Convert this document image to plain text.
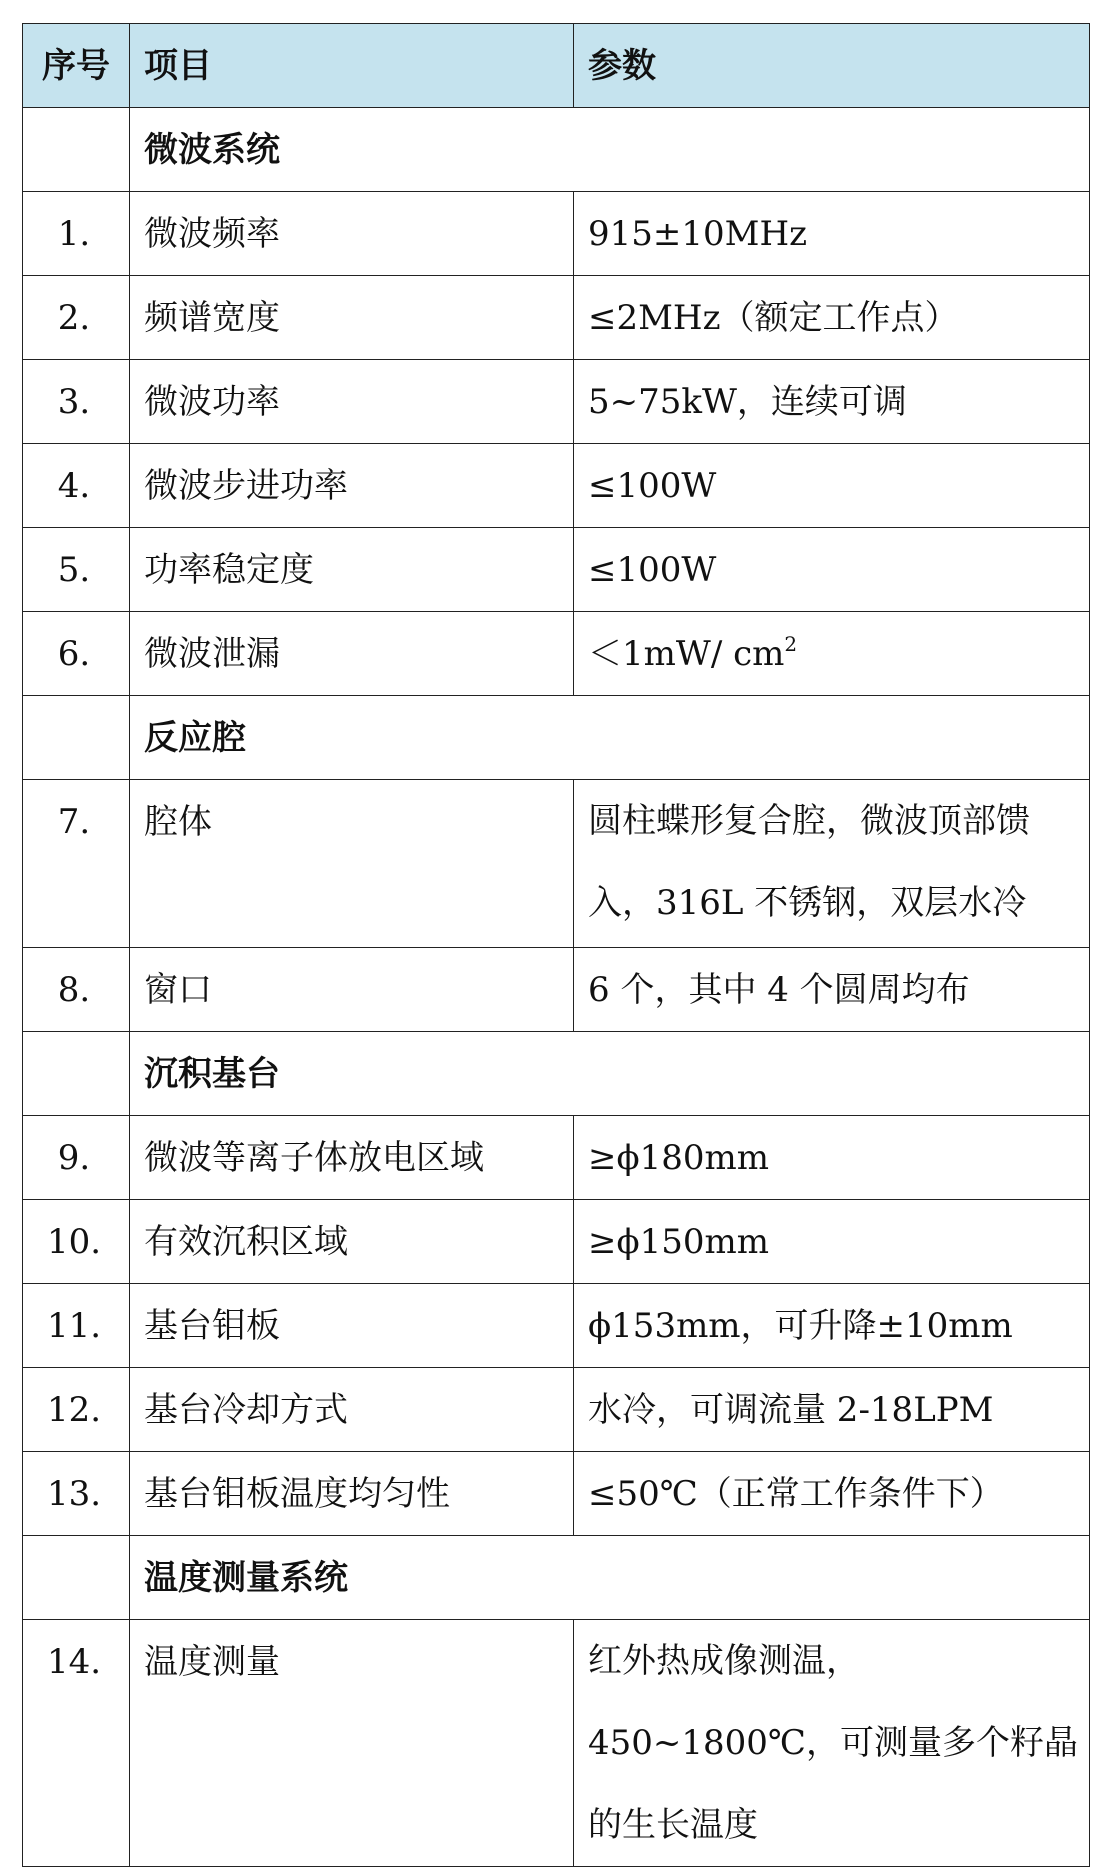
序号	项目	参数
	微波系统	
1.	微波频率	915±10MHz
2.	频谱宽度	≤2MHz（额定工作点）
3.	微波功率	5~75kW，连续可调
4.	微波步进功率	≤100W
5.	功率稳定度	≤100W
6.	微波泄漏	＜1mW/ $cm^2$
	反应腔	
7.	腔体	圆柱蝶形复合腔，微波顶部馈入，316L 不锈钢，双层水冷
8.	窗口	6 个，其中 4 个圆周均布
	沉积基台	
9.	微波等离子体放电区域	≥ϕ180mm
10.	有效沉积区域	≥ϕ150mm
11.	基台钼板	ϕ153mm，可升降±10mm
12.	基台冷却方式	水冷，可调流量 2-18LPM
13.	基台钼板温度均匀性	≤50℃（正常工作条件下）
	温度测量系统	
14.	温度测量	红外热成像测温，450~1800℃，可测量多个籽晶的生长温度
